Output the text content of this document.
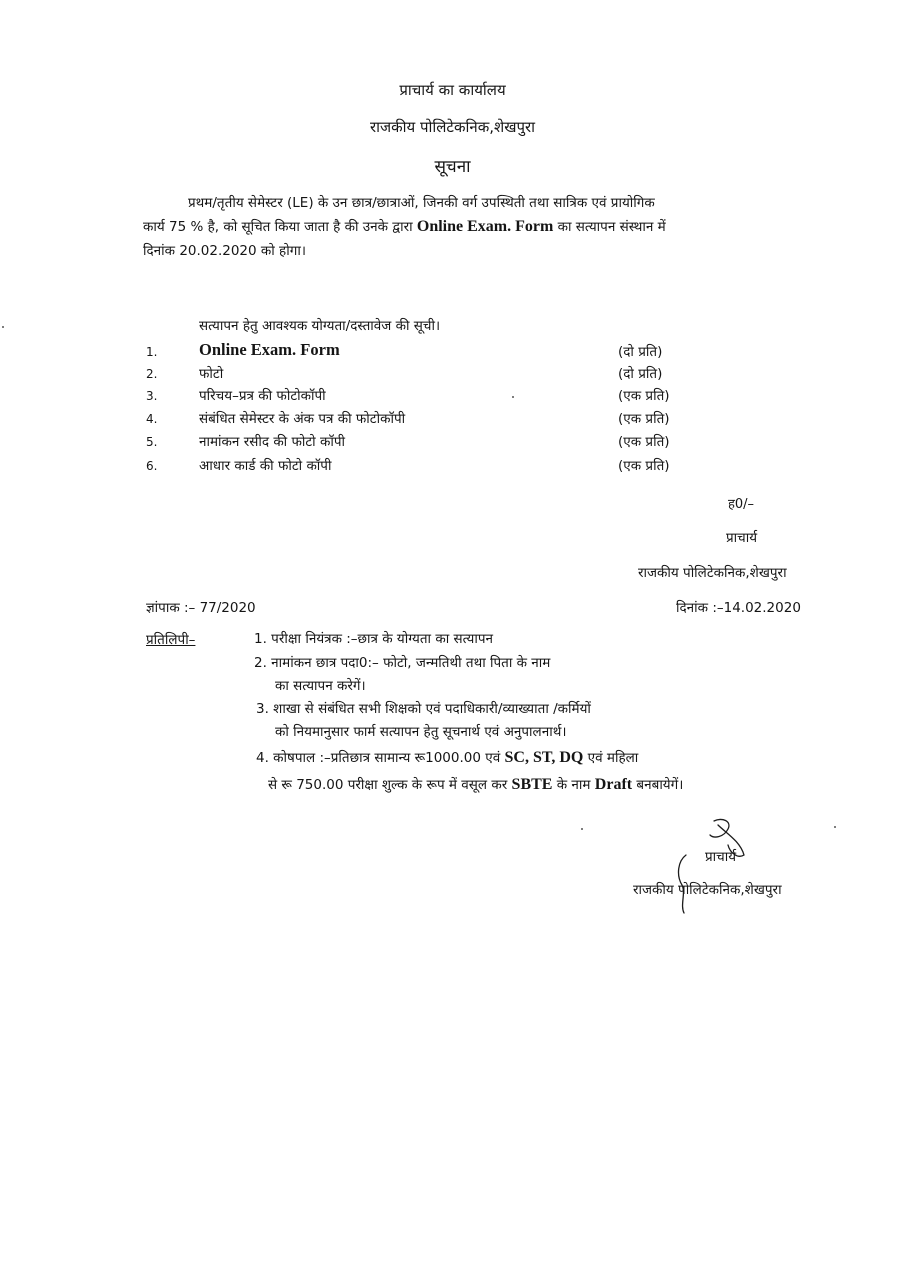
प्राचार्य का कार्यालय
राजकीय पोलिटेकनिक,शेखपुरा
सूचना
प्रथम/तृतीय सेमेस्टर (LE) के उन छात्र/छात्राओं, जिनकी वर्ग उपस्थिती तथा सात्रिक एवं प्रायोगिक
कार्य 75 % है, को सूचित किया जाता है की उनके द्वारा Online Exam. Form का सत्यापन संस्थान में
दिनांक 20.02.2020 को होगा।
सत्यापन हेतु आवश्यक योग्यता/दस्तावेज की सूची।
1.	Online Exam. Form	(दो प्रति)
2.	फोटो	(दो प्रति)
3.	परिचय–प्रत्र की फोटोकॉपी	(एक प्रति)
4.	संबंधित सेमेस्टर के अंक पत्र की फोटोकॉपी	(एक प्रति)
5.	नामांकन रसीद की फोटो कॉपी	(एक प्रति)
6.	आधार कार्ड की फोटो कॉपी	(एक प्रति)
ह0/–
प्राचार्य
राजकीय पोलिटेकनिक,शेखपुरा
ज्ञांपाक :– 77/2020	दिनांक :–14.02.2020
प्रतिलिपी–	1. परीक्षा नियंत्रक :–छात्र के योग्यता का सत्यापन
2. नामांकन छात्र पदा0:– फोटो, जन्मतिथी तथा पिता के नाम
का सत्यापन करेगें।
3. शाखा से संबंधित सभी शिक्षको एवं पदाधिकारी/व्याख्याता /कर्मियों
को नियमानुसार फार्म सत्यापन हेतु सूचनार्थ एवं अनुपालनार्थ।
4. कोषपाल :–प्रतिछात्र सामान्य रू1000.00 एवं SC, ST, DQ एवं महिला
से रू 750.00 परीक्षा शुल्क के रूप में वसूल कर SBTE के नाम Draft बनबायेगें।
प्राचार्य
राजकीय पोलिटेकनिक,शेखपुरा
